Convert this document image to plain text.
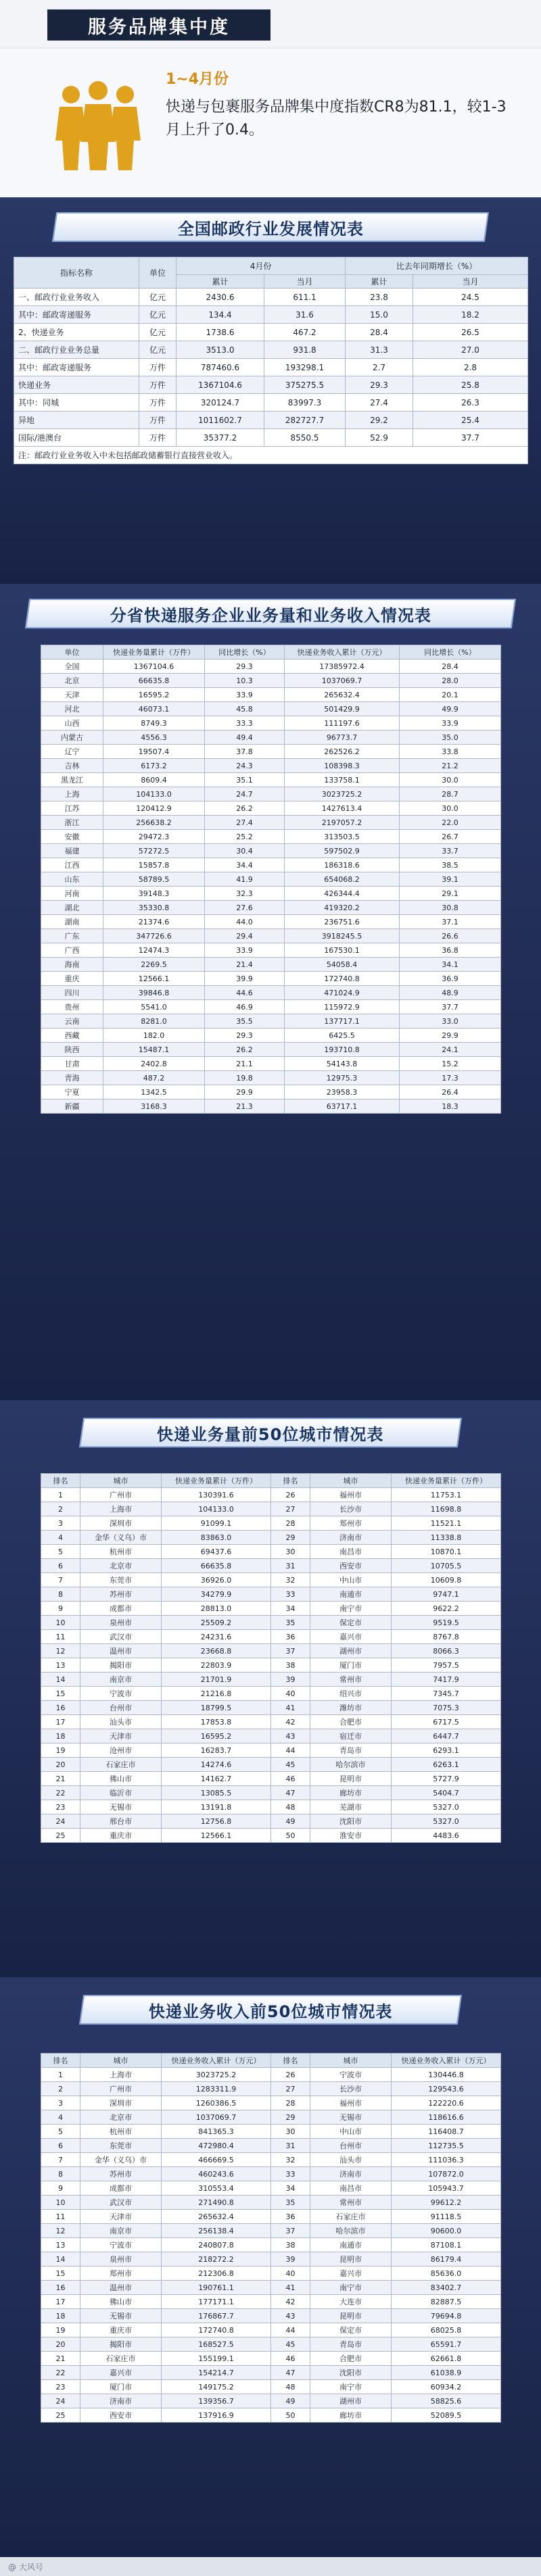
服务品牌集中度
1~4月份
快递与包裹服务品牌集中度指数CR8为81.1，较1-3月上升了0.4。
全国邮政行业发展情况表
指标名称	单位	4月份		比去年同期增长（%）	
		累计	当月	累计	当月
一、邮政行业业务收入	亿元	2430.6	611.1	23.8	24.5
其中：邮政寄递服务	亿元	134.4	31.6	15.0	18.2
2、快递业务	亿元	1738.6	467.2	28.4	26.5
二、邮政行业业务总量	亿元	3513.0	931.8	31.3	27.0
其中：邮政寄递服务	万件	787460.6	193298.1	2.7	2.8
快递业务	万件	1367104.6	375275.5	29.3	25.8
其中：同城	万件	320124.7	83997.3	27.4	26.3
异地	万件	1011602.7	282727.7	29.2	25.4
国际/港澳台	万件	35377.2	8550.5	52.9	37.7
注：邮政行业业务收入中未包括邮政储蓄银行直接营业收入。					
分省快递服务企业业务量和业务收入情况表
单位	快递业务量累计（万件）	同比增长（%）	快递业务收入累计（万元）	同比增长（%）
全国	1367104.6	29.3	17385972.4	28.4
北京	66635.8	10.3	1037069.7	28.0
天津	16595.2	33.9	265632.4	20.1
河北	46073.1	45.8	501429.9	49.9
山西	8749.3	33.3	111197.6	33.9
内蒙古	4556.3	49.4	96773.7	35.0
辽宁	19507.4	37.8	262526.2	33.8
吉林	6173.2	24.3	108398.3	21.2
黑龙江	8609.4	35.1	133758.1	30.0
上海	104133.0	24.7	3023725.2	28.7
江苏	120412.9	26.2	1427613.4	30.0
浙江	256638.2	27.4	2197057.2	22.0
安徽	29472.3	25.2	313503.5	26.7
福建	57272.5	30.4	597502.9	33.7
江西	15857.8	34.4	186318.6	38.5
山东	58789.5	41.9	654068.2	39.1
河南	39148.3	32.3	426344.4	29.1
湖北	35330.8	27.6	419320.2	30.8
湖南	21374.6	44.0	236751.6	37.1
广东	347726.6	29.4	3918245.5	26.6
广西	12474.3	33.9	167530.1	36.8
海南	2269.5	21.4	54058.4	34.1
重庆	12566.1	39.9	172740.8	36.9
四川	39846.8	44.6	471024.9	48.9
贵州	5541.0	46.9	115972.9	37.7
云南	8281.0	35.5	137717.1	33.0
西藏	182.0	29.3	6425.5	29.9
陕西	15487.1	26.2	193710.8	24.1
甘肃	2402.8	21.1	54143.8	15.2
青海	487.2	19.8	12975.3	17.3
宁夏	1342.5	29.9	23958.3	26.4
新疆	3168.3	21.3	63717.1	18.3
快递业务量前50位城市情况表
排名	城市	快递业务量累计（万件）	排名	城市	快递业务量累计（万件）
1	广州市	130391.6	26	福州市	11753.1
2	上海市	104133.0	27	长沙市	11698.8
3	深圳市	91099.1	28	郑州市	11521.1
4	金华（义乌）市	83863.0	29	济南市	11338.8
5	杭州市	69437.6	30	南昌市	10870.1
6	北京市	66635.8	31	西安市	10705.5
7	东莞市	36926.0	32	中山市	10609.8
8	苏州市	34279.9	33	南通市	9747.1
9	成都市	28813.0	34	南宁市	9622.2
10	泉州市	25509.2	35	保定市	9519.5
11	武汉市	24231.6	36	嘉兴市	8767.8
12	温州市	23668.8	37	湖州市	8066.3
13	揭阳市	22803.9	38	厦门市	7957.5
14	南京市	21701.9	39	常州市	7417.9
15	宁波市	21216.8	40	绍兴市	7345.7
16	台州市	18799.5	41	潍坊市	7075.3
17	汕头市	17853.8	42	合肥市	6717.5
18	天津市	16595.2	43	宿迁市	6447.7
19	沧州市	16283.7	44	青岛市	6293.1
20	石家庄市	14274.6	45	哈尔滨市	6263.1
21	佛山市	14162.7	46	昆明市	5727.9
22	临沂市	13085.5	47	廊坊市	5404.7
23	无锡市	13191.8	48	芜湖市	5327.0
24	邢台市	12756.8	49	沈阳市	5327.0
25	重庆市	12566.1	50	淮安市	4483.6
快递业务收入前50位城市情况表
排名	城市	快递业务收入累计（万元）	排名	城市	快递业务收入累计（万元）
1	上海市	3023725.2	26	宁波市	130446.8
2	广州市	1283311.9	27	长沙市	129543.6
3	深圳市	1260386.5	28	福州市	122220.6
4	北京市	1037069.7	29	无锡市	118616.6
5	杭州市	841365.3	30	中山市	116408.7
6	东莞市	472980.4	31	台州市	112735.5
7	金华（义乌）市	466669.5	32	汕头市	111036.3
8	苏州市	460243.6	33	济南市	107872.0
9	成都市	310553.4	34	南昌市	105943.7
10	武汉市	271490.8	35	常州市	99612.2
11	天津市	265632.4	36	石家庄市	91118.5
12	南京市	256138.4	37	哈尔滨市	90600.0
13	宁波市	240807.8	38	南通市	87108.1
14	泉州市	218272.2	39	昆明市	86179.4
15	郑州市	212306.8	40	嘉兴市	85636.0
16	温州市	190761.1	41	南宁市	83402.7
17	佛山市	177171.1	42	大连市	82887.5
18	无锡市	176867.7	43	昆明市	79694.8
19	重庆市	172740.8	44	保定市	68025.8
20	揭阳市	168527.5	45	青岛市	65591.7
21	石家庄市	155199.1	46	合肥市	62661.8
22	嘉兴市	154214.7	47	沈阳市	61038.9
23	厦门市	149175.2	48	南宁市	60934.2
24	济南市	139356.7	49	湖州市	58825.6
25	西安市	137916.9	50	廊坊市	52089.5
@ 大风号
